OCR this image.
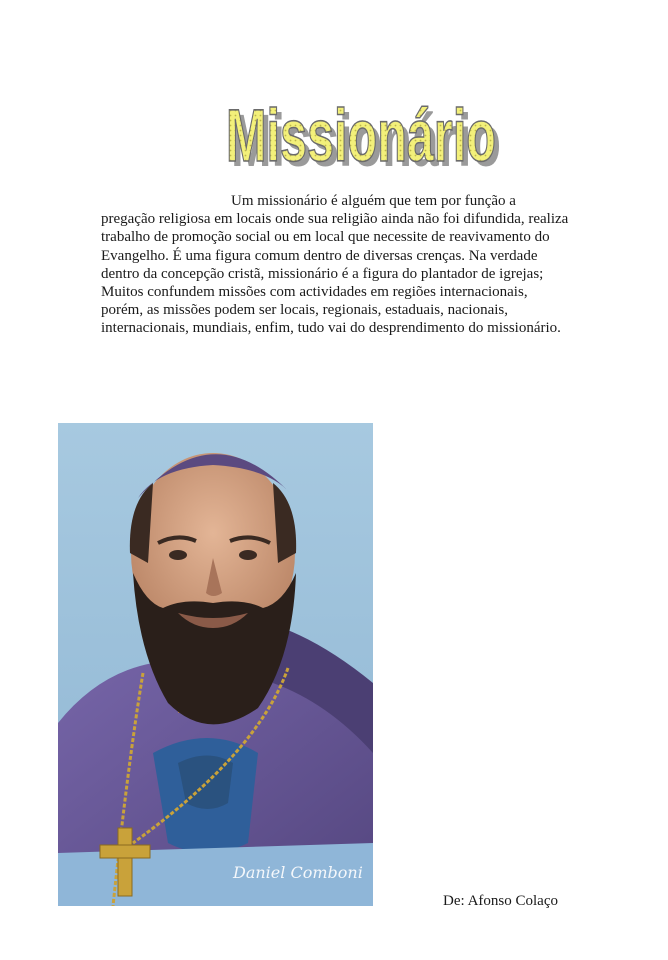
Missionário
Missionário

Um missionário é alguém que tem por função a pregação religiosa em locais onde sua religião ainda não foi difundida, realiza trabalho de promoção social ou em local que necessite de reavivamento do Evangelho. É uma figura comum dentro de diversas crenças. Na verdade dentro da concepção cristã, missionário é a figura do plantador de igrejas; Muitos confundem missões com actividades em regiões internacionais, porém, as missões podem ser locais, regionais, estaduais, nacionais, internacionais, mundiais, enfim, tudo vai do desprendimento do missionário.

Daniel Comboni

De: Afonso Colaço
